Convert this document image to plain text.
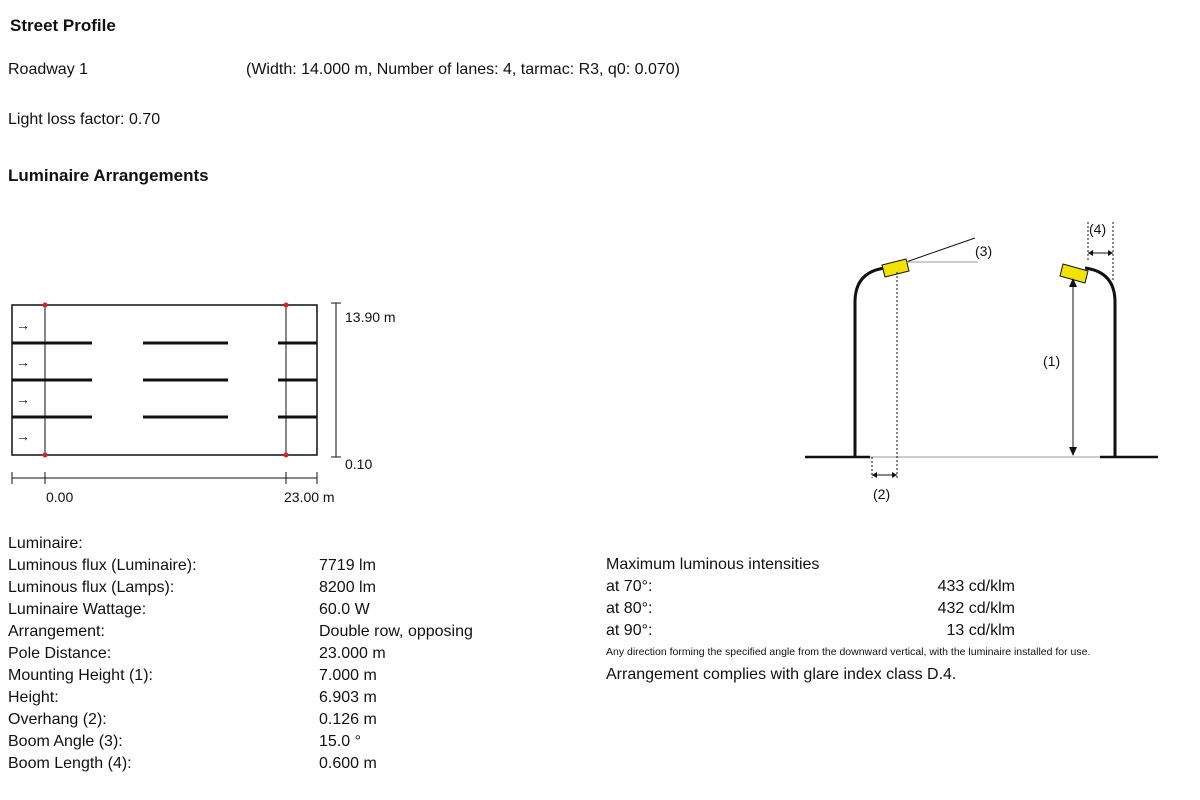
Street Profile
Roadway 1	(Width: 14.000 m, Number of lanes: 4, tarmac: R3, q0: 0.070)
Light loss factor: 0.70
Luminaire Arrangements
→
→
→
→
13.90 m
0.10
0.00	23.00 m
(3)
(2)
(1)
(4)
Luminaire:
Luminous flux (Luminaire):	7719 lm
Luminous flux (Lamps):	8200 lm
Luminaire Wattage:	60.0 W
Arrangement:	Double row, opposing
Pole Distance:	23.000 m
Mounting Height (1):	7.000 m
Height:	6.903 m
Overhang (2):	0.126 m
Boom Angle (3):	15.0 °
Boom Length (4):	0.600 m
Maximum luminous intensities
at 70°:	433 cd/klm
at 80°:	432 cd/klm
at 90°:	13 cd/klm
Any direction forming the specified angle from the downward vertical, with the luminaire installed for use.
Arrangement complies with glare index class D.4.
